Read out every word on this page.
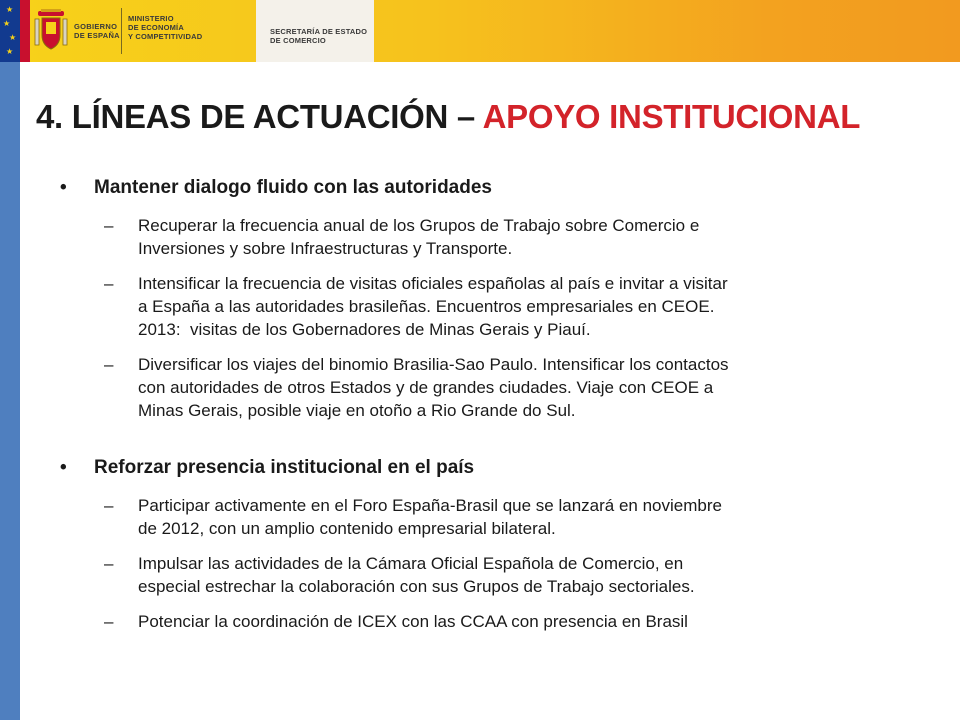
★
★
★
★
GOBIERNO
DE ESPAÑA
MINISTERIO
DE ECONOMÍA
Y COMPETITIVIDAD
SECRETARÍA DE ESTADO
DE COMERCIO
4. LÍNEAS DE ACTUACIÓN – APOYO INSTITUCIONAL
• Mantener dialogo fluido con las autoridades
– Recuperar la frecuencia anual de los Grupos de Trabajo sobre Comercio e
Inversiones y sobre Infraestructuras y Transporte.
– Intensificar la frecuencia de visitas oficiales españolas al país e invitar a visitar
a España a las autoridades brasileñas. Encuentros empresariales en CEOE.
2013:  visitas de los Gobernadores de Minas Gerais y Piauí.
– Diversificar los viajes del binomio Brasilia-Sao Paulo. Intensificar los contactos
con autoridades de otros Estados y de grandes ciudades. Viaje con CEOE a
Minas Gerais, posible viaje en otoño a Rio Grande do Sul.
• Reforzar presencia institucional en el país
– Participar activamente en el Foro España-Brasil que se lanzará en noviembre
de 2012, con un amplio contenido empresarial bilateral.
– Impulsar las actividades de la Cámara Oficial Española de Comercio, en
especial estrechar la colaboración con sus Grupos de Trabajo sectoriales.
– Potenciar la coordinación de ICEX con las CCAA con presencia en Brasil
